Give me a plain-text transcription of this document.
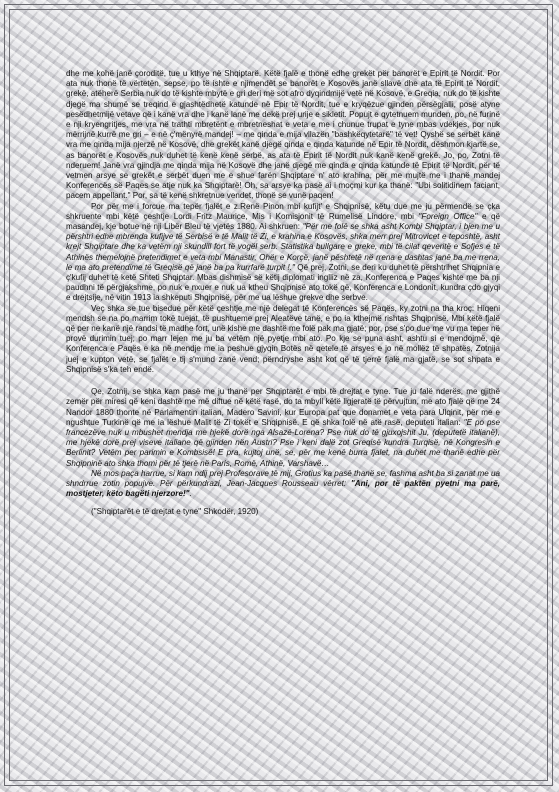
dhe me kohë janë çoroditë, tue u kthye në Shqiptarë. Këtë fjalë e thonë edhe grekët për banorët e Epirit të Nordit. Por ata nuk thonë të vërtetën, sepse, po të ishte e njimendët se banorët e Kosovës janë sllavë dhe ata të Epirit të Nordit, grekë, atëherë Serbia nuk do të kishte mbytë e gri deri më sot afro dyqindmijë vetë në Kosovë, e Greqia, nuk do të kishte djegë ma shumë se treqind e gjashtëdhetë katunde në Epir të Nordit, tue e kryqëzue gjinden përsëgjalli, posë atyne pesëdhetmijë vetave që i kanë vra dhe i kanë lanë me dekë prej urije e sikletit. Popujt e qytetnuem munden, po, në furinë e nji kryengritjes, me vra në trathti mbretënt e mbretneshat e veta e me i chunue trupat e tyne mbas vdekjes, por nuk mërrijnë kurrë me gri – e në ç'mënyrë mandej! – me qinda e mija vllazën "bashkëqytetarë" të vet! Qyshë se serbët kanë vra me qinda mija njerzë në Kosovë, dhe grekët kanë djegë qinda e qinda katunde në Epir të Nordit, dëshmon kjartë se, as banorët e Kosovës nuk duhet të kenë kenë serbë, as ata të Epirit të Nordit nuk kanë kenë grekë. Jo, po, Zotni të nderuem! Janë vra gjindja me qinda mija në Kosovë dhe janë djegë me qinda e qinda katunde të Epirit të Nordit, për të vetmen arsye se grekët e serbët duen me e shue farën Shqiptare n' ato krahina, për me mujtë me i thanë mandej Konferencës së Paqes se atje nuk ka Shqiptarë! Oh, sa arsye ka pasë ai i moçmi kur ka thanë: "Ubi solitidinem faciant, pacem appellant." Por, sa të kenë shkretnue vendet, thonë se vunë paqen!

Por për me i forcue ma tepër fjalët e z.Renë Pinon mbi kufijt' e Shqipnisë, këtu due me ju përmendë se çka shkruente mbi këtë çeshtje Lordi Fritz Maurice, Mis i Komisjonit të Rumelisë Lindore, mbi "Foreign Office" e që masandej, kje botue në nji Libër Bleu të vjetës 1880. Ai shkruen: "Për me folë se shka asht Kombi Shqiptar, i bjen me u përshtri edhe mbrenda kufijve të Serbisë e të Malit të Zi, e krahina e Kosovës, shka merr prej Mitrovicet e teposhtë, asht krejt Shqiptare dhe ka vetëm nji skundill fort të vogël serb. Statistika bullgare e greke, mbi të cilat qeveritë e Sofjes e të Athinës themelojnë pretendimet e veta mbi Manastir, Ohër e Korçë, janë pështetë në rrena e dashtas janë ba me rrena, le ma ato pretendime të Greqisë që janë ba pa kurrfarë turpit !." Që prej, Zotni, se deri ku duhet të përshtrihet Shqipnia e ç'kufij duhet të ketë Shteti Shqiptar. Mbas dishmisë së këtij diplomati inglliz në za, Konferenca e Paqes kishte me ba nji paudhni të përgjakshme, po nuk e nxuer e nuk ua ktheu Shqipnisë ato tokë që, Konferenca e Londonit, kundra çdo gjyqi e drejtsije, në vitin 1913 ia shkeputi Shqipnisë, për me ua lëshue grekve dhe serbve.

Veç shka se tue bisedue për këtë çeshtje me një delegat të Konferencës së Paqës, ky zotni na tha kroç: Hiqeni mendsh se na po marrim tokë tuejat, të pushtueme prej Aleatëve tanë, e po ia kthejmë rishtas Shqipnisë. Mbi këtë fjalë që per ne kanë një randsi të madhe fort, unë kishe me dashtë me folë pak ma gjatë; por, pse s'po due me vu ma teper në provë durimin tuej; po marr lejen me ju ba vetëm një pyetje mbi ato. Po kje se puna asht, ashtu si e mendojmë, që Konferenca e Paqës e ka në mendje me ia peshue gjyqin Botës në qetele të arsyes e jo në mollëz të shpatës, Zotnija juej e kupton vetë, se fjalët e tij s'mund zanë vend; përndryshe asht kot që të tjerrë fjalë ma gjatë, se sot shpata e Shqipnisë s'ka teh endë.

Qe, Zotnij, se shka kam pasë me ju thanë per Shqiptarët e mbi të drejtat e tyne. Tue ju falë nderës, me gjithë zemër për miresi që keni dashtë me më diftue në këtë rasë, do ta mbyll këtë ligjeratë të përvujtun, me ato fjalë që me 24 Nandor 1880 thonte në Parlamentin italian, Madero Savini, kur Europa pat que donamet e veta para Ulqinit, për me e ngushtue Turkinë që me ia lëshue Malit të Zi tokët e Shqipnisë. E që shka folë në atë rasë, deputeti italian: "E po pse francezëve nuk u mbushet mendja me hjekë dorë nga Alsazë-Lorena? Pse nuk do të gjuxojshit Ju, (deputetë italianë), me hjekë dorë prej viseve italiane që gjinden nën Austri? Pse i keni dalë zot Greqisë kundra Turqisë, në Kongresin e Berlinit? Vetëm per parimin e Kombsisë! E pra, kujtoj unë, se, për me kenë burra fjalet, na duhet me thanë edhe për Shqipninë ato shka thomi për të tjerë në Paris, Romë, Athinë, Varshavë…

Në mos paça harrue, si kam ndij prej Profesorave të mij, Grotius ka pasë thanë se, fashma asht ba si zanat me ua shndrrue zotin popujve. Për përkundrazi, Jean-Jacques Rousseau vërret: "Ani, por të paktën pyetni ma parë, mostjeter, këto bagëti njerzore!".

("Shqiptarët e të drejtat e tyne" Shkodër, 1920)
